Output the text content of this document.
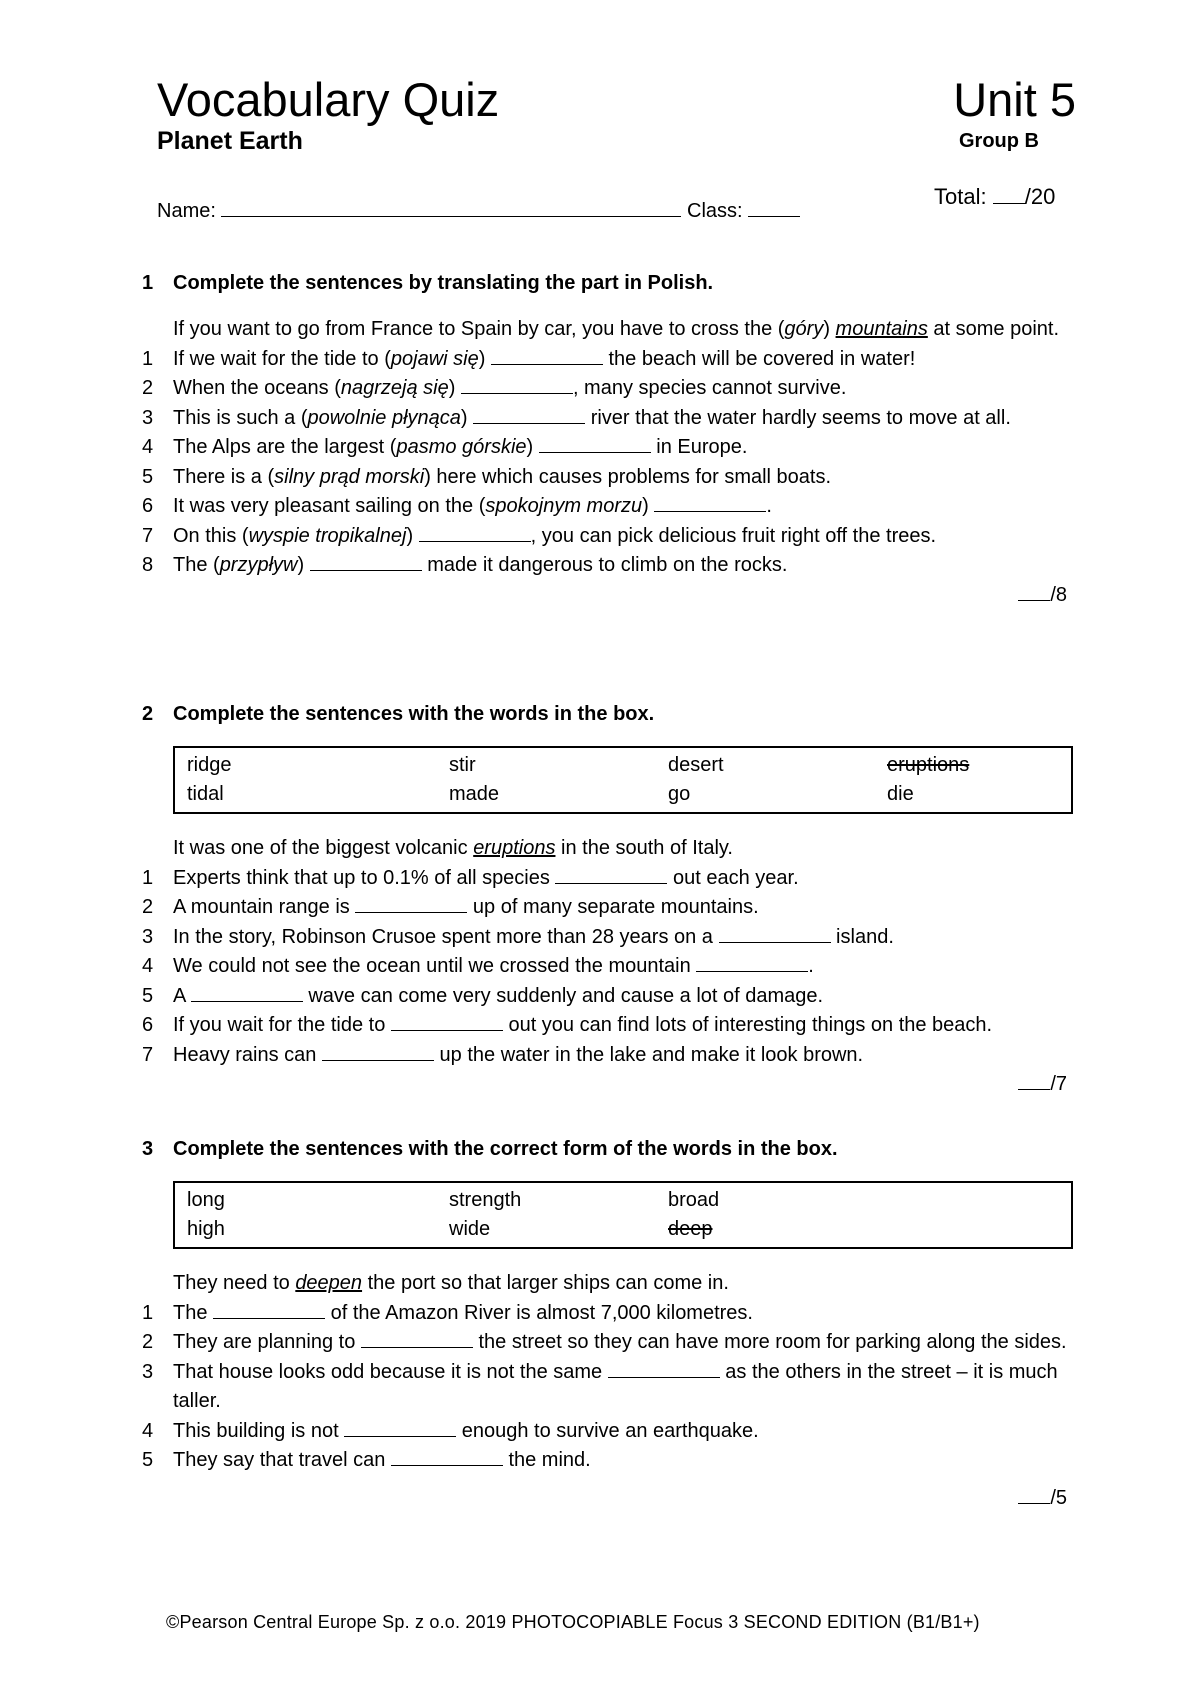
Vocabulary Quiz	Unit 5
Planet Earth	Group B
Total: /20
Name:	Class:
1 Complete the sentences by translating the part in Polish.
If you want to go from France to Spain by car, you have to cross the (góry) mountains at some point.
1 If we wait for the tide to (pojawi się)	the beach will be covered in water!
2 When the oceans (nagrzeją się)	, many species cannot survive.
3 This is such a (powolnie płynąca)	river that the water hardly seems to move at all.
4 The Alps are the largest (pasmo górskie)	in Europe.
5 There is a (silny prąd morski) here which causes problems for small boats.
6 It was very pleasant sailing on the (spokojnym morzu)	.
7 On this (wyspie tropikalnej)	, you can pick delicious fruit right off the trees.
8 The (przypływ)	made it dangerous to climb on the rocks.
/8
2 Complete the sentences with the words in the box.
ridge	stir	desert	eruptions
tidal	made	go	die
It was one of the biggest volcanic eruptions in the south of Italy.
1 Experts think that up to 0.1% of all species	out each year.
2 A mountain range is	up of many separate mountains.
3 In the story, Robinson Crusoe spent more than 28 years on a	island.
4 We could not see the ocean until we crossed the mountain	.
5 A	wave can come very suddenly and cause a lot of damage.
6 If you wait for the tide to	out you can find lots of interesting things on the beach.
7 Heavy rains can	up the water in the lake and make it look brown.
/7
3 Complete the sentences with the correct form of the words in the box.
long	strength	broad
high	wide	deep
They need to deepen the port so that larger ships can come in.
1 The	of the Amazon River is almost 7,000 kilometres.
2 They are planning to	the street so they can have more room for parking along the sides.
3 That house looks odd because it is not the same	as the others in the street – it is much taller.
4 This building is not	enough to survive an earthquake.
5 They say that travel can	the mind.
/5
©Pearson Central Europe Sp. z o.o. 2019 PHOTOCOPIABLE Focus 3 SECOND EDITION (B1/B1+)
